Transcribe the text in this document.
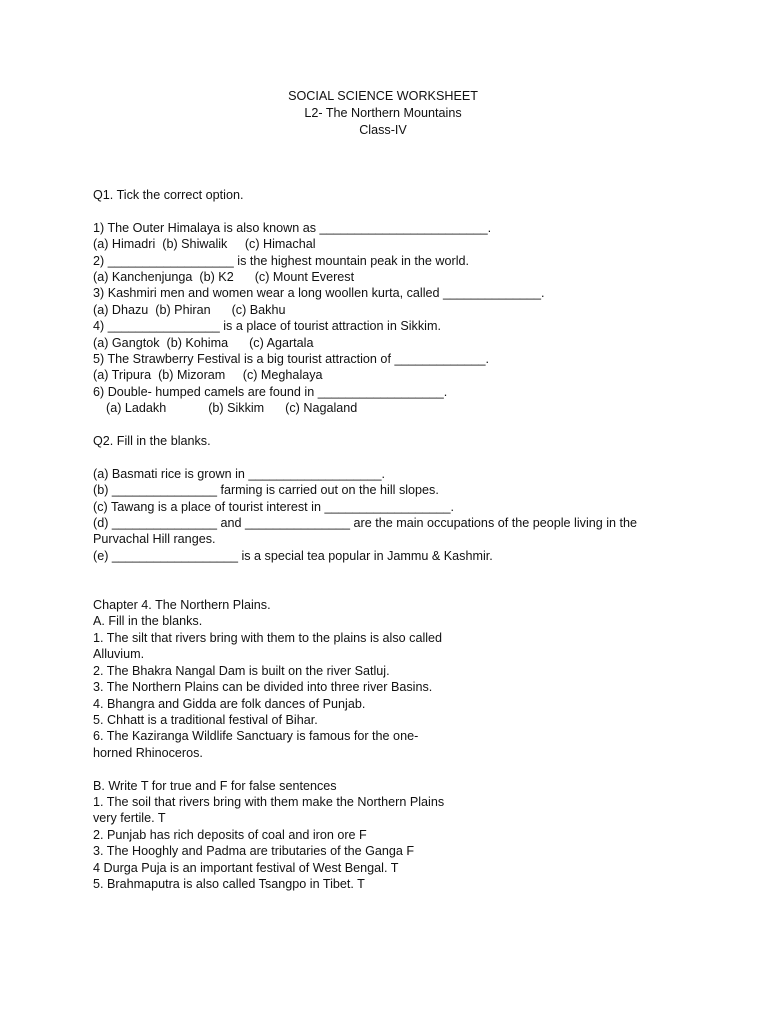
SOCIAL SCIENCE WORKSHEET
L2- The Northern Mountains
Class-IV
Q1. Tick the correct option.
1) The Outer Himalaya is also known as ________________________.
(a) Himadri  (b) Shiwalik     (c) Himachal
2) __________________ is the highest mountain peak in the world.
(a) Kanchenjunga  (b) K2      (c) Mount Everest
3) Kashmiri men and women wear a long woollen kurta, called ______________.
(a) Dhazu  (b) Phiran      (c) Bakhu
4) ________________ is a place of tourist attraction in Sikkim.
(a) Gangtok  (b) Kohima      (c) Agartala
5) The Strawberry Festival is a big tourist attraction of _____________.
(a) Tripura  (b) Mizoram     (c) Meghalaya
6) Double- humped camels are found in __________________.
(a) Ladakh            (b) Sikkim      (c) Nagaland
Q2. Fill in the blanks.
(a) Basmati rice is grown in ___________________.
(b) _______________ farming is carried out on the hill slopes.
(c) Tawang is a place of tourist interest in __________________.
(d) _______________ and _______________ are the main occupations of the people living in the
Purvachal Hill ranges.
(e) __________________ is a special tea popular in Jammu & Kashmir.
Chapter 4. The Northern Plains.
A. Fill in the blanks.
1. The silt that rivers bring with them to the plains is also called
Alluvium.
2. The Bhakra Nangal Dam is built on the river Satluj.
3. The Northern Plains can be divided into three river Basins.
4. Bhangra and Gidda are folk dances of Punjab.
5. Chhatt is a traditional festival of Bihar.
6. The Kaziranga Wildlife Sanctuary is famous for the one-
horned Rhinoceros.
B. Write T for true and F for false sentences
1. The soil that rivers bring with them make the Northern Plains
very fertile. T
2. Punjab has rich deposits of coal and iron ore F
3. The Hooghly and Padma are tributaries of the Ganga F
4 Durga Puja is an important festival of West Bengal. T
5. Brahmaputra is also called Tsangpo in Tibet. T
